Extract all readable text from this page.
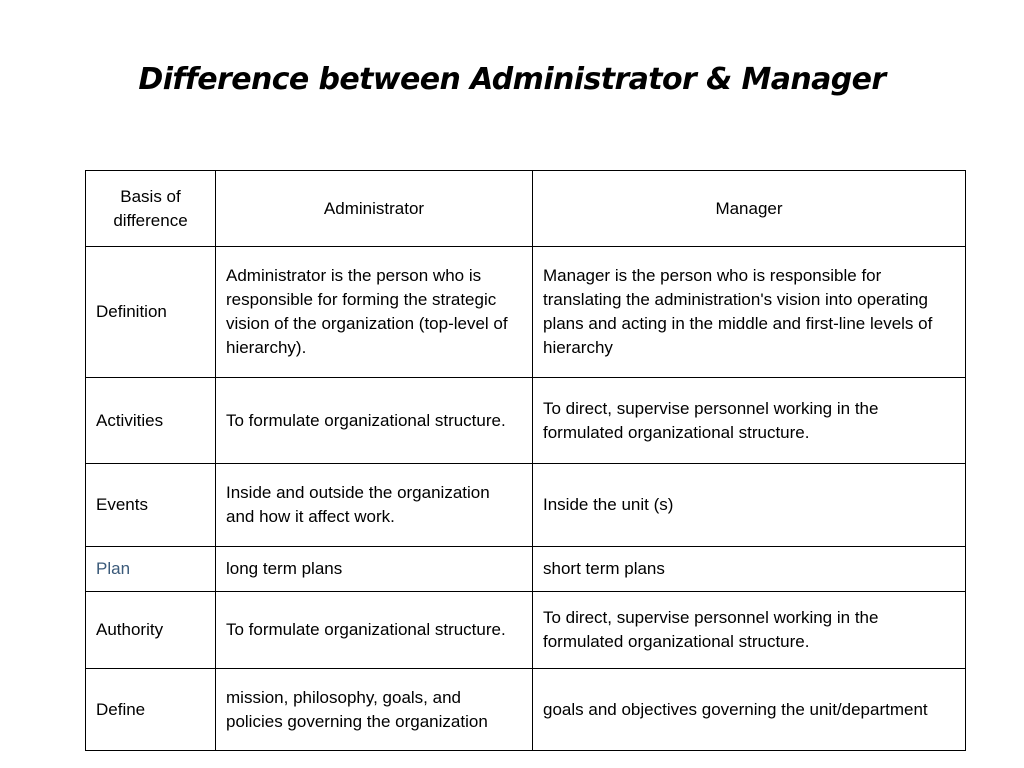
Difference between Administrator & Manager
Basis of difference	Administrator	Manager
Definition	Administrator is the person who is responsible for forming the strategic vision of the organization (top-level of hierarchy).	Manager is the person who is responsible for translating the administration's vision into operating plans and acting in the middle and first-line levels of hierarchy
Activities	To formulate organizational structure.	To direct, supervise personnel working in the formulated organizational structure.
Events	Inside and outside the organization and how it affect work.	Inside the unit (s)
Plan	long term plans	short term plans
Authority	To formulate organizational structure.	To direct, supervise personnel working in the formulated organizational structure.
Define	mission, philosophy, goals, and policies governing the organization	goals and objectives governing the unit/department
